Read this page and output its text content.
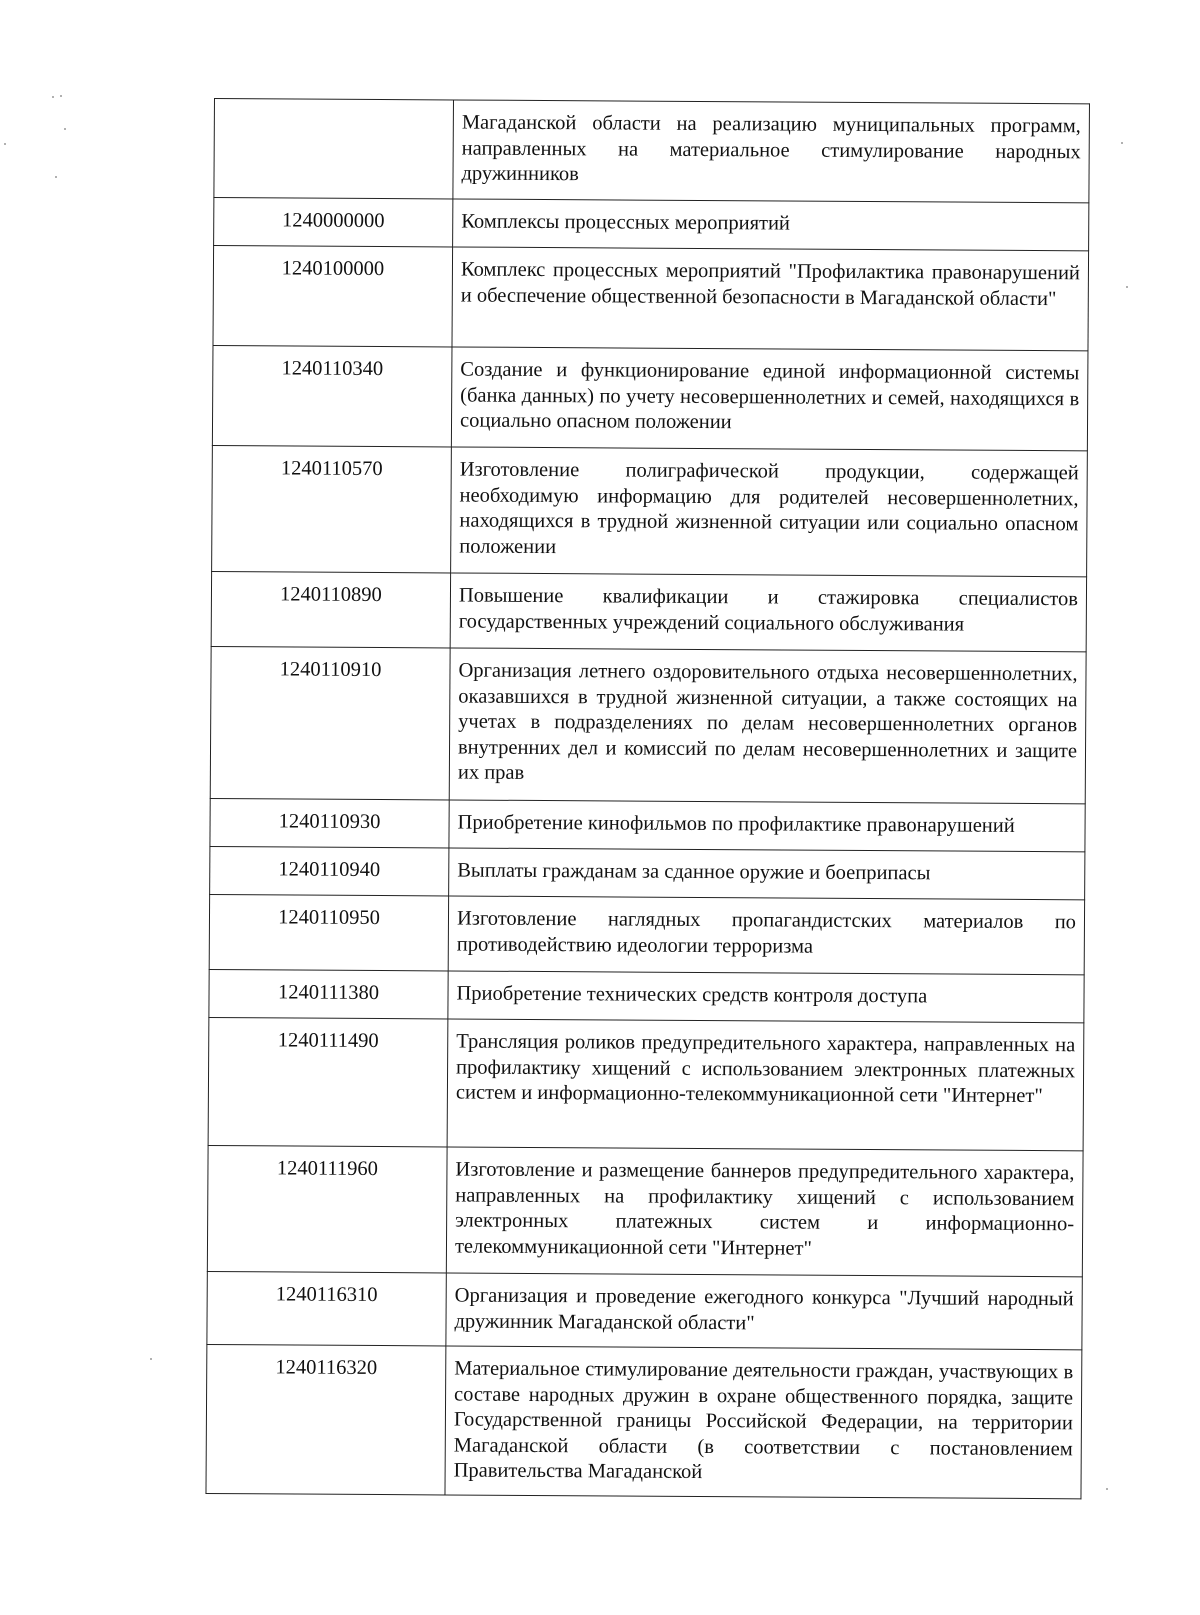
	Магаданской области на реализацию муниципальных программ, направленных на материальное стимулирование народных дружинников
1240000000	Комплексы процессных мероприятий
1240100000	Комплекс процессных мероприятий "Профилактика правонарушений и обеспечение общественной безопасности в Магаданской области"
1240110340	Создание и функционирование единой информационной системы (банка данных) по учету несовершеннолетних и семей, находящихся в социально опасном положении
1240110570	Изготовление полиграфической продукции, содержащей необходимую информацию для родителей несовершеннолетних, находящихся в трудной жизненной ситуации или социально опасном положении
1240110890	Повышение квалификации и стажировка специалистов государственных учреждений социального обслуживания
1240110910	Организация летнего оздоровительного отдыха несовершеннолетних, оказавшихся в трудной жизненной ситуации, а также состоящих на учетах в подразделениях по делам несовершеннолетних органов внутренних дел и комиссий по делам несовершеннолетних и защите их прав
1240110930	Приобретение кинофильмов по профилактике правонарушений
1240110940	Выплаты гражданам за сданное оружие и боеприпасы
1240110950	Изготовление наглядных пропагандистских материалов по противодействию идеологии терроризма
1240111380	Приобретение технических средств контроля доступа
1240111490	Трансляция роликов предупредительного характера, направленных на профилактику хищений с использованием электронных платежных систем и информационно-телекоммуникационной сети "Интернет"
1240111960	Изготовление и размещение баннеров предупредительного характера, направленных на профилактику хищений с использованием электронных платежных систем и информационно-телекоммуникационной сети "Интернет"
1240116310	Организация и проведение ежегодного конкурса "Лучший народный дружинник Магаданской области"
1240116320	Материальное стимулирование деятельности граждан, участвующих в составе народных дружин в охране общественного порядка, защите Государственной границы Российской Федерации, на территории Магаданской области (в соответствии с постановлением Правительства Магаданской
